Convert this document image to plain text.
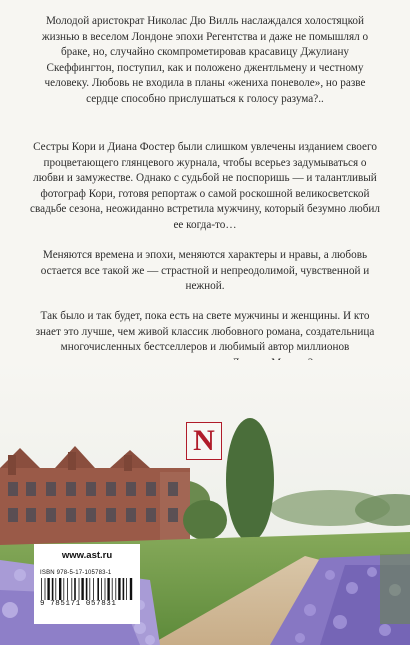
Молодой аристократ Николас Дю Вилль наслаждался холостяцкой жизнью в веселом Лондоне эпохи Регентства и даже не помышлял о браке, но, случайно скомпрометировав красавицу Джулиану Скеффингтон, поступил, как и положено джентльмену и честному человеку. Любовь не входила в планы «жениха поневоле», но разве сердце способно прислушаться к голосу разума?..
Сестры Кори и Диана Фостер были слишком увлечены изданием своего процветающего глянцевого журнала, чтобы всерьез задумываться о любви и замужестве. Однако с судьбой не поспоришь — и талантливый фотограф Кори, готовя репортаж о самой роскошной великосветской свадьбе сезона, неожиданно встретила мужчину, который безумно любил ее когда-то…
Меняются времена и эпохи, меняются характеры и нравы, а любовь остается все такой же — страстной и непреодолимой, чувственной и нежной.
Так было и так будет, пока есть на свете мужчины и женщины. И кто знает это лучше, чем живой классик любовного романа, создательница многочисленных бестселлеров и любимый автор миллионов
N
www.ast.ru
ISBN 978-5-17-105783-1
9 785171 057831
